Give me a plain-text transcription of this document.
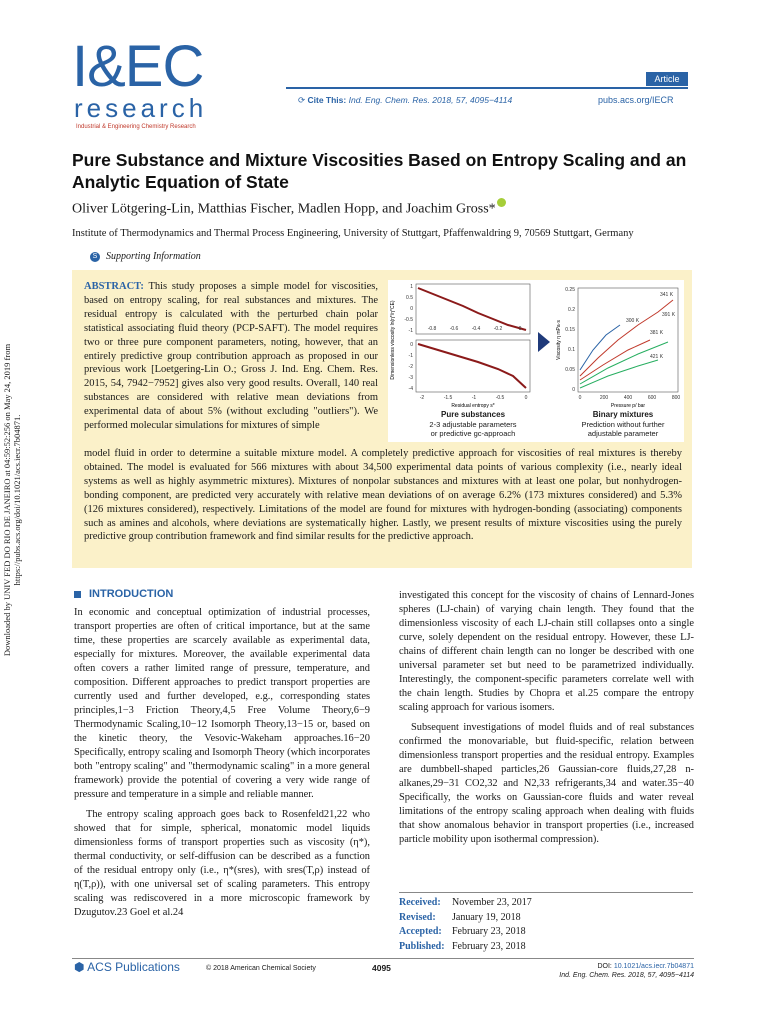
I&EC
research
Industrial & Engineering Chemistry Research
Article
⟳ Cite This: Ind. Eng. Chem. Res. 2018, 57, 4095−4114	pubs.acs.org/IECR
Pure Substance and Mixture Viscosities Based on Entropy Scaling and an Analytic Equation of State
Oliver Lötgering-Lin, Matthias Fischer, Madlen Hopp, and Joachim Gross*
Institute of Thermodynamics and Thermal Process Engineering, University of Stuttgart, Pfaffenwaldring 9, 70569 Stuttgart, Germany
S Supporting Information
ABSTRACT: This study proposes a simple model for viscosities, based on entropy scaling, for real substances and mixtures. The residual entropy is calculated with the perturbed chain polar statistical associating fluid theory (PCP-SAFT). The model requires two or three pure component parameters, noting, however, that an entirely predictive group contribution approach as proposed in our previous work [Loetgering-Lin O.; Gross J. Ind. Eng. Chem. Res. 2015, 54, 7942−7952] gives also very good results. Overall, 140 real substances are considered with relative mean deviations from experimental data of about 5% (without excluding "outliers"). We performed molecular simulations for mixtures of simple
model fluid in order to determine a suitable mixture model. A completely predictive approach for viscosities of real mixtures is thereby obtained. The model is evaluated for 566 mixtures with about 34,500 experimental data points of various complexity (i.e., nearly ideal systems as well as highly asymmetric mixtures). Mixtures of nonpolar substances and mixtures with at least one polar, but nonhydrogen-bonding component, are predicted very accurately with relative mean deviations of on average 6.2% (173 mixtures considered) and 5.3% (126 mixtures considered), respectively. Limitations of the model are found for mixtures with hydrogen-bonding (associating) components such as amines and alcohols, where deviations are systematically higher. Lastly, we present results of mixture viscosities using the purely predictive group contribution framework and find similar results for the predictive approach.
1
0.5
0
-0.5
-1	-0.8	-0.6	-0.4	-0.2	0
0
-1
-2
-3
-4
-2	-1.5	-1	-0.5	0
Dimensionless viscosity ln(η*/η*CE)
Residual entropy s*
0.25
0.2
0.15
0.1
0.05
0
0	200	400	600	800
300 K
341 K
381 K
391 K
421 K
Viscosity η mPa·s
Pressure p/ bar
Pure substances
2-3 adjustable parameters
or predictive gc-approach
Binary mixtures
Prediction without further
adjustable parameter
INTRODUCTION

In economic and conceptual optimization of industrial processes, transport properties are often of critical importance, but at the same time, these properties are scarcely available as experimental data, especially for mixtures. Moreover, the available experimental data often covers a rather limited range of pressure, temperature, and composition. Different approaches to predict transport properties are currently used and further developed, e.g., corresponding states principles,1−3 Friction Theory,4,5 Free Volume Theory,6−9 Thermodynamic Scaling,10−12 Isomorph Theory,13−15 or, based on the kinetic theory, the Vesovic-Wakeham approaches.16−20 Specifically, entropy scaling and Isomorph Theory (which incorporates both "entropy scaling" and "thermodynamic scaling" in a more general framework) provide the potential of covering a very wide range of pressure and temperature in a simple and reliable manner.

The entropy scaling approach goes back to Rosenfeld21,22 who showed that for simple, spherical, monatomic model liquids dimensionless forms of transport properties such as viscosity (η*), thermal conductivity, or self-diffusion can be described as a function of the residual entropy only (i.e., η*(sres), with sres(T,ρ) instead of η(T,ρ)), with one universal set of scaling parameters. This entropy scaling was rediscovered in a more microscopic framework by Dzugutov.23 Goel et al.24

investigated this concept for the viscosity of chains of Lennard-Jones spheres (LJ-chain) of varying chain length. They found that the dimensionless viscosity of each LJ-chain still collapses onto a single curve, solely dependent on the residual entropy. However, these LJ-chains of different chain length can no longer be described with one universal parameter set but need to be parametrized individually. Interestingly, the component-specific parameters correlate well with the chain length. Studies by Chopra et al.25 compare the entropy scaling approach for various isomers.

Subsequent investigations of model fluids and of real substances confirmed the monovariable, but fluid-specific, relation between dimensionless transport properties and the residual entropy. Examples are dumbbell-shaped particles,26 Gaussian-core fluids,27,28 n-alkanes,29−31 CO2,32 and N2,33 refrigerants,34 and water.35−40 Specifically, the works on Gaussian-core fluids and water reveal limitations of the entropy scaling approach when dealing with fluids that show anomalous behavior in transport properties (i.e., increased particle mobility upon isothermal compression).

Received: November 23, 2017
Revised: January 19, 2018
Accepted: February 23, 2018
Published: February 23, 2018
⬢ ACS Publications	© 2018 American Chemical Society	4095	DOI: 10.1021/acs.iecr.7b04871
Ind. Eng. Chem. Res. 2018, 57, 4095−4114
Downloaded by UNIV FED DO RIO DE JANEIRO at 04:59:52:256 on May 24, 2019 from https://pubs.acs.org/doi/10.1021/acs.iecr.7b04871.
